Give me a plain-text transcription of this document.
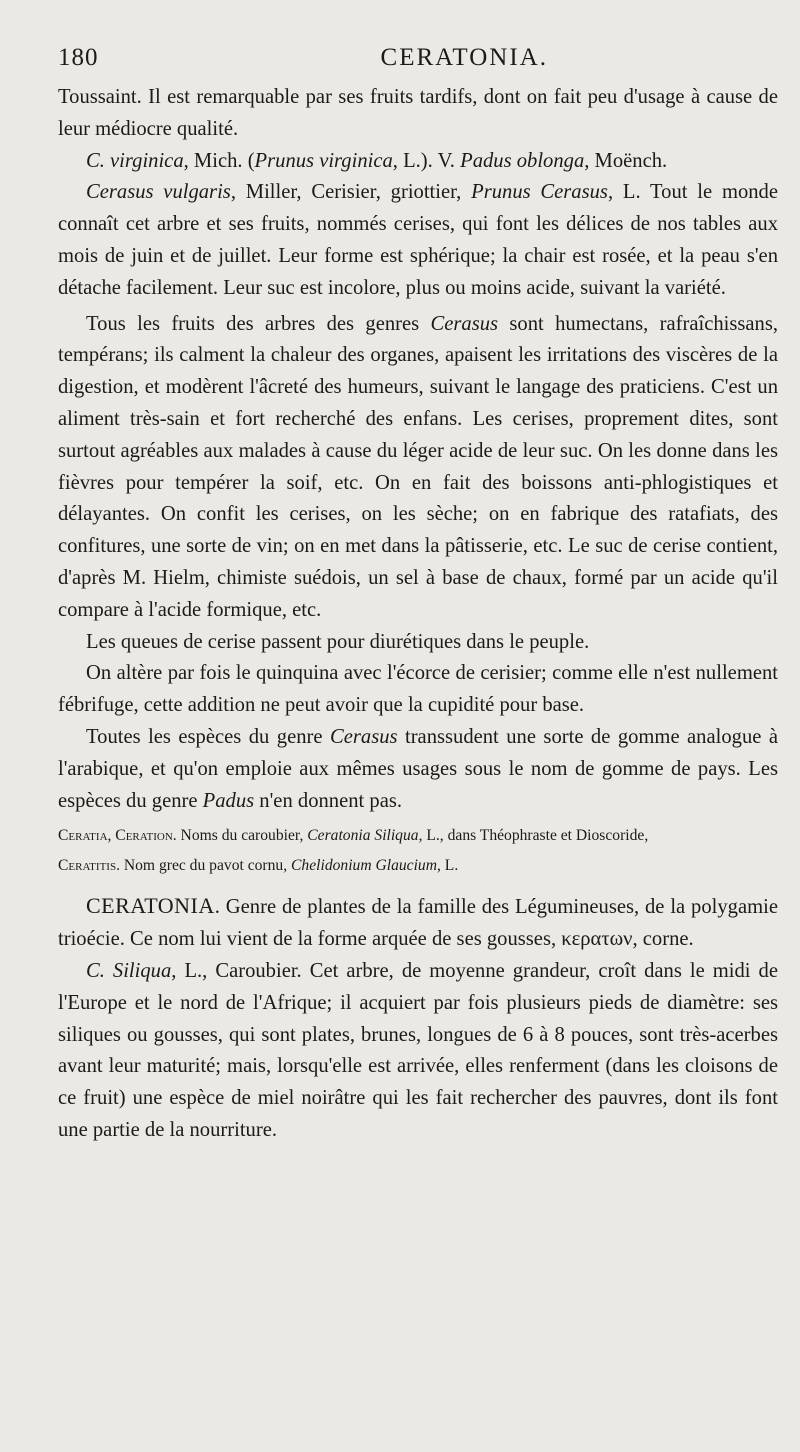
180	CERATONIA.

Toussaint. Il est remarquable par ses fruits tardifs, dont on fait peu d'usage à cause de leur médiocre qualité.

C. virginica, Mich. (Prunus virginica, L.). V. Padus oblonga, Moënch.

Cerasus vulgaris, Miller, Cerisier, griottier, Prunus Cerasus, L. Tout le monde connaît cet arbre et ses fruits, nommés cerises, qui font les délices de nos tables aux mois de juin et de juillet. Leur forme est sphérique; la chair est rosée, et la peau s'en détache facilement. Leur suc est incolore, plus ou moins acide, suivant la variété.

Tous les fruits des arbres des genres Cerasus sont humectans, rafraîchissans, tempérans; ils calment la chaleur des organes, apaisent les irritations des viscères de la digestion, et modèrent l'âcreté des humeurs, suivant le langage des praticiens. C'est un aliment très-sain et fort recherché des enfans. Les cerises, proprement dites, sont surtout agréables aux malades à cause du léger acide de leur suc. On les donne dans les fièvres pour tempérer la soif, etc. On en fait des boissons anti-phlogistiques et délayantes. On confit les cerises, on les sèche; on en fabrique des ratafiats, des confitures, une sorte de vin; on en met dans la pâtisserie, etc. Le suc de cerise contient, d'après M. Hielm, chimiste suédois, un sel à base de chaux, formé par un acide qu'il compare à l'acide formique, etc.

Les queues de cerise passent pour diurétiques dans le peuple.

On altère par fois le quinquina avec l'écorce de cerisier; comme elle n'est nullement fébrifuge, cette addition ne peut avoir que la cupidité pour base.

Toutes les espèces du genre Cerasus transsudent une sorte de gomme analogue à l'arabique, et qu'on emploie aux mêmes usages sous le nom de gomme de pays. Les espèces du genre Padus n'en donnent pas.

Ceratia, Ceration. Noms du caroubier, Ceratonia Siliqua, L., dans Théophraste et Dioscoride,

Ceratitis. Nom grec du pavot cornu, Chelidonium Glaucium, L.

CERATONIA. Genre de plantes de la famille des Légumineuses, de la polygamie trioécie. Ce nom lui vient de la forme arquée de ses gousses, κερατων, corne.

C. Siliqua, L., Caroubier. Cet arbre, de moyenne grandeur, croît dans le midi de l'Europe et le nord de l'Afrique; il acquiert par fois plusieurs pieds de diamètre: ses siliques ou gousses, qui sont plates, brunes, longues de 6 à 8 pouces, sont très-acerbes avant leur maturité; mais, lorsqu'elle est arrivée, elles renferment (dans les cloisons de ce fruit) une espèce de miel noirâtre qui les fait rechercher des pauvres, dont ils font une partie de la nourriture.
